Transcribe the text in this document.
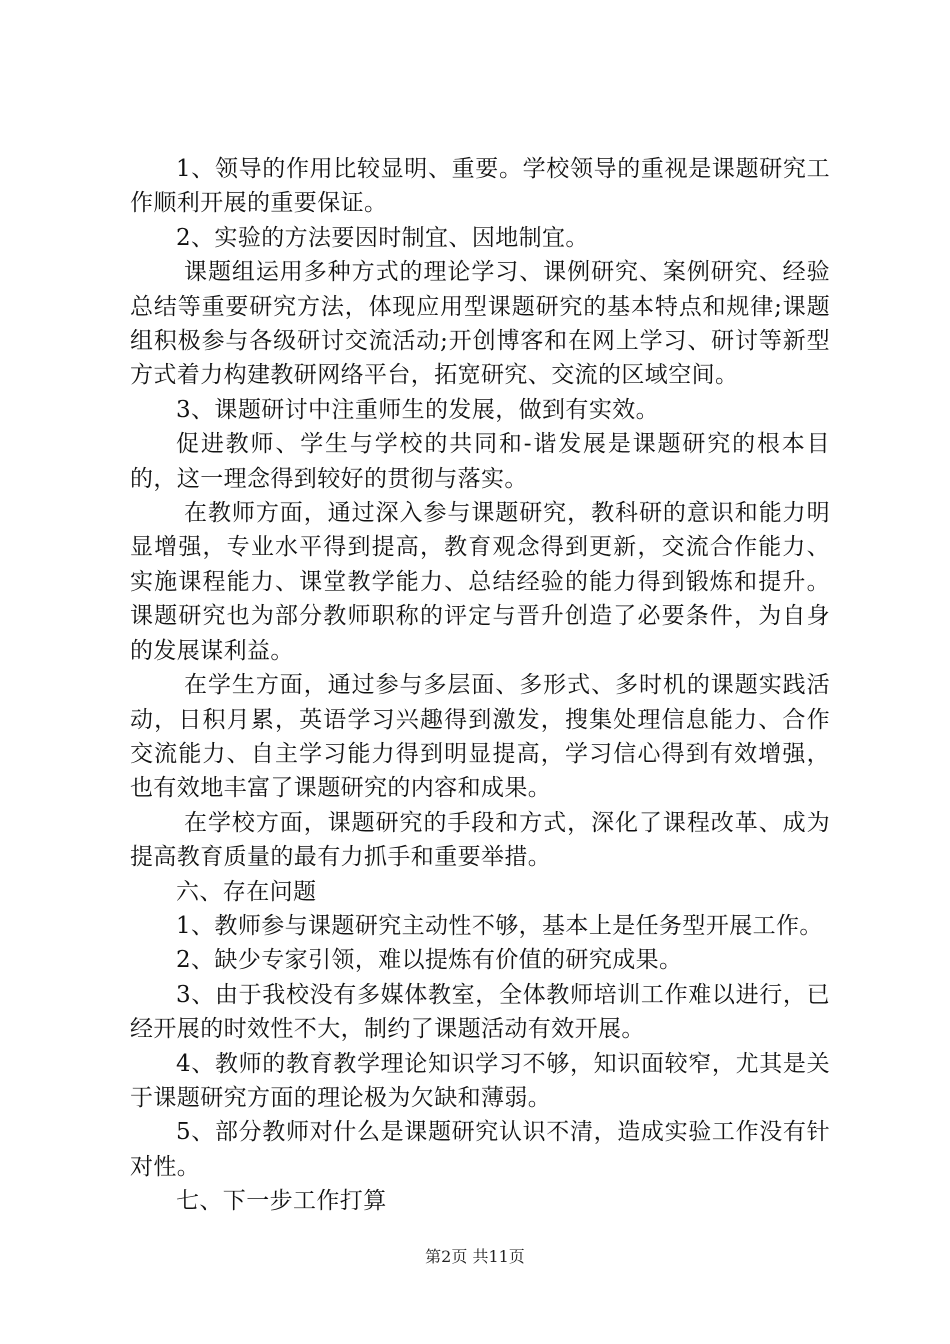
1、领导的作用比较显明、重要。学校领导的重视是课题研究工作顺利开展的重要保证。

2、实验的方法要因时制宜、因地制宜。

课题组运用多种方式的理论学习、课例研究、案例研究、经验总结等重要研究方法，体现应用型课题研究的基本特点和规律;课题组积极参与各级研讨交流活动;开创博客和在网上学习、研讨等新型方式着力构建教研网络平台，拓宽研究、交流的区域空间。

3、课题研讨中注重师生的发展，做到有实效。

促进教师、学生与学校的共同和-谐发展是课题研究的根本目的，这一理念得到较好的贯彻与落实。

在教师方面，通过深入参与课题研究，教科研的意识和能力明显增强，专业水平得到提高，教育观念得到更新，交流合作能力、实施课程能力、课堂教学能力、总结经验的能力得到锻炼和提升。课题研究也为部分教师职称的评定与晋升创造了必要条件，为自身的发展谋利益。

在学生方面，通过参与多层面、多形式、多时机的课题实践活动，日积月累，英语学习兴趣得到激发，搜集处理信息能力、合作交流能力、自主学习能力得到明显提高，学习信心得到有效增强，也有效地丰富了课题研究的内容和成果。

在学校方面，课题研究的手段和方式，深化了课程改革、成为提高教育质量的最有力抓手和重要举措。

六、存在问题

1、教师参与课题研究主动性不够，基本上是任务型开展工作。

2、缺少专家引领，难以提炼有价值的研究成果。

3、由于我校没有多媒体教室，全体教师培训工作难以进行，已经开展的时效性不大，制约了课题活动有效开展。

4、教师的教育教学理论知识学习不够，知识面较窄，尤其是关于课题研究方面的理论极为欠缺和薄弱。

5、部分教师对什么是课题研究认识不清，造成实验工作没有针对性。

七、下一步工作打算

第2页 共11页
